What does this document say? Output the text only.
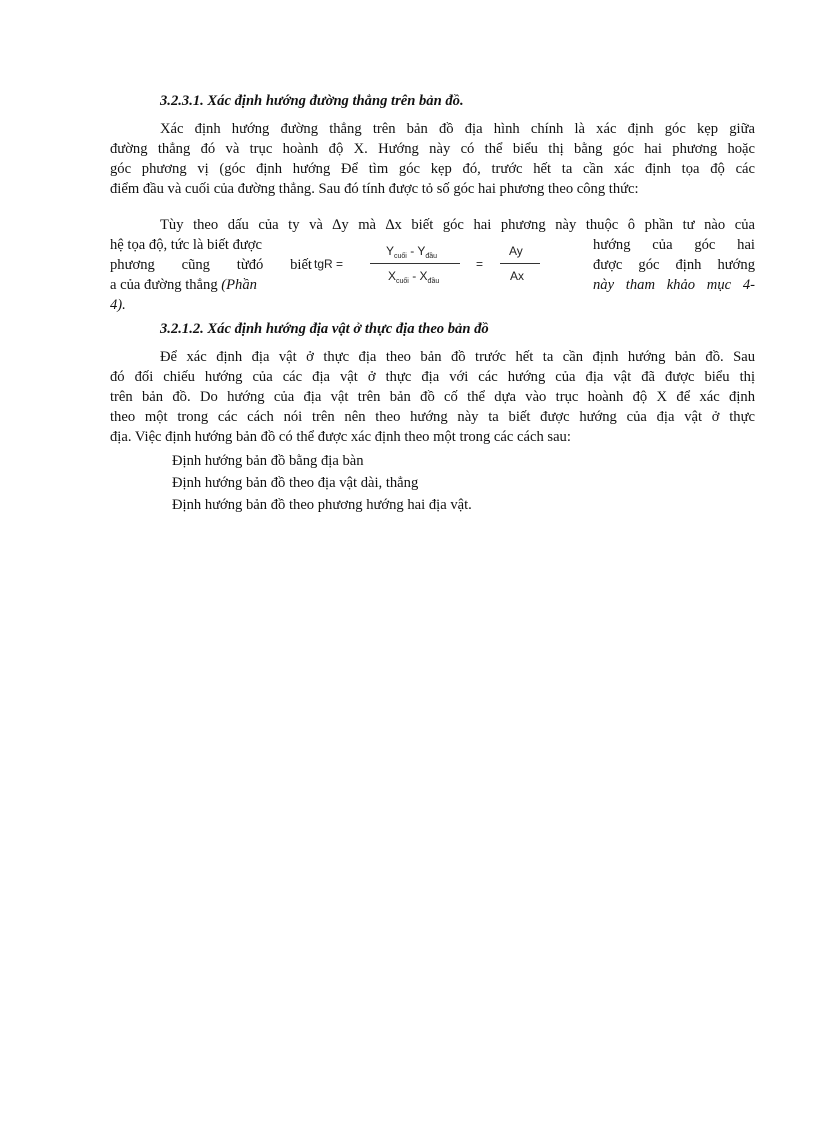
3.2.3.1. Xác định hướng đường thẳng trên bản đồ.
Xác định hướng đường thẳng trên bản đồ địa hình chính là xác định góc kẹp giữa
đường thẳng đó và trục hoành độ X. Hướng này có thể biểu thị bằng góc hai phương hoặc
góc phương vị (góc định hướng Để tìm góc kẹp đó, trước hết ta cần xác định tọa độ các
điểm đầu và cuối của đường thẳng. Sau đó tính được tỏ số góc hai phương theo công thức:
Tùy theo dấu của ty và ∆y mà ∆x biết góc hai phương này thuộc ô phần tư nào của
hệ tọa độ, tức là biết được
phương cũng từđó biết
a của đường thẳng (Phần
hướng của góc hai
được góc định hướng
này tham khảo mục 4-
4).
tgR =
$Y_{cuối} - Y_{đầu}$
$X_{cuối} - X_{đầu}$
=
Ay
Ax
3.2.1.2. Xác định hướng địa vật ở thực địa theo bản đồ
Để xác định địa vật ở thực địa theo bản đồ trước hết ta cần định hướng bản đồ. Sau
đó đối chiếu hướng của các địa vật ở thực địa với các hướng của địa vật đã được biểu thị
trên bản đồ. Do hướng của địa vật trên bản đồ cố thể dựa vào trục hoành độ X để xác định
theo một trong các cách nói trên nên theo hướng này ta biết được hướng của địa vật ở thực
địa. Việc định hướng bản đồ có thể được xác định theo một trong các cách sau:
Định hướng bản đồ bằng địa bàn
Định hướng bản đồ theo địa vật dài, thẳng
Định hướng bản đồ theo phương hướng hai địa vật.
